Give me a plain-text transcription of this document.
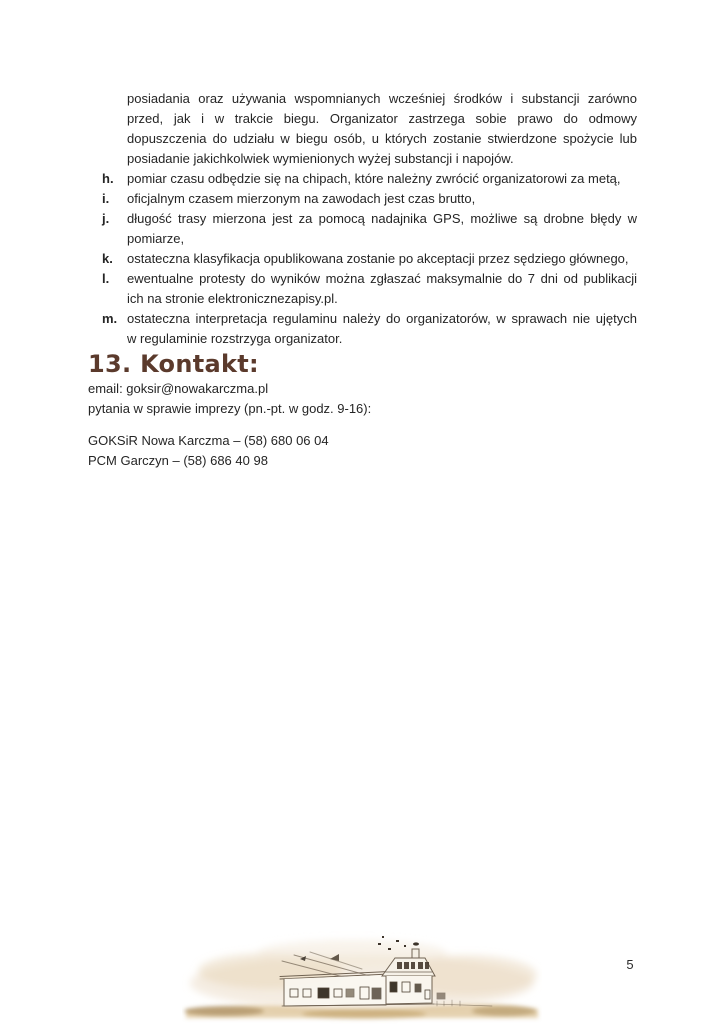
posiadania oraz używania wspomnianych wcześniej środków i substancji zarówno
przed, jak i w trakcie biegu. Organizator zastrzega sobie prawo do odmowy
dopuszczenia do udziału w biegu osób, u których zostanie stwierdzone spożycie lub
posiadanie jakichkolwiek wymienionych wyżej substancji i napojów.
h. pomiar czasu odbędzie się na chipach, które należny zwrócić organizatorowi za metą,
i. oficjalnym czasem mierzonym na zawodach jest czas brutto,
j. długość trasy mierzona jest za pomocą nadajnika GPS, możliwe są drobne błędy w
pomiarze,
k. ostateczna klasyfikacja opublikowana zostanie po akceptacji przez sędziego głównego,
l. ewentualne protesty do wyników można zgłaszać maksymalnie do 7 dni od publikacji
ich na stronie elektronicznezapisy.pl.
m. ostateczna interpretacja regulaminu należy do organizatorów, w sprawach nie ujętych
w regulaminie rozstrzyga organizator.
13. Kontakt:

email: goksir@nowakarczma.pl

pytania w sprawie imprezy (pn.-pt. w godz. 9-16):

GOKSiR Nowa Karczma – (58) 680 06 04

PCM Garczyn – (58) 686 40 98

5
